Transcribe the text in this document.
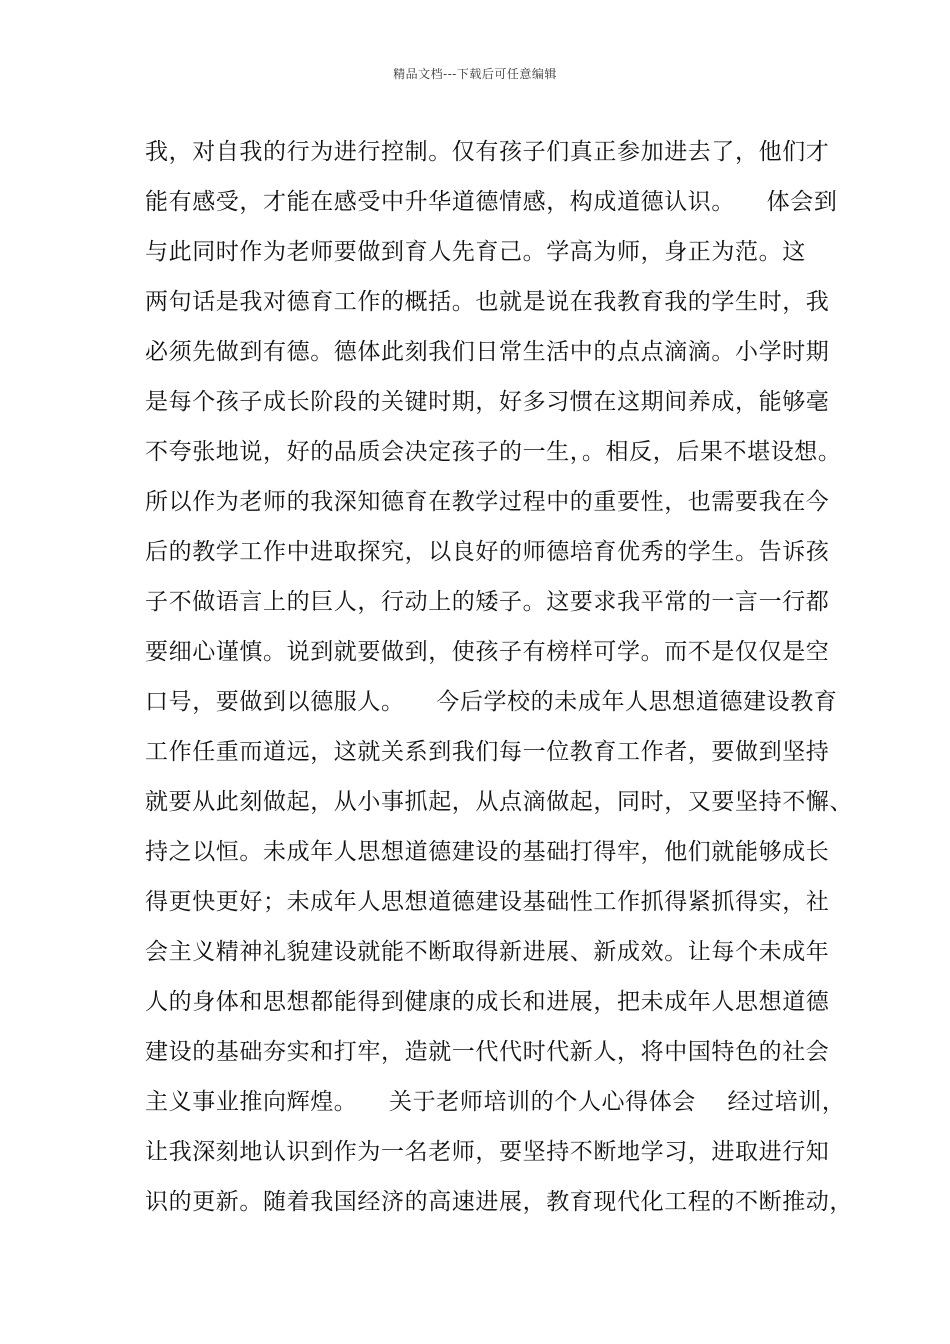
精品文档---下载后可任意编辑
我，对自我的行为进行控制。仅有孩子们真正参加进去了，他们才
能有感受，才能在感受中升华道德情感，构成道德认识。    体会到
与此同时作为老师要做到育人先育己。学高为师，身正为范。这
两句话是我对德育工作的概括。也就是说在我教育我的学生时，我
必须先做到有德。德体此刻我们日常生活中的点点滴滴。小学时期
是每个孩子成长阶段的关键时期，好多习惯在这期间养成，能够毫
不夸张地说，好的品质会决定孩子的一生，。相反，后果不堪设想。
所以作为老师的我深知德育在教学过程中的重要性，也需要我在今
后的教学工作中进取探究，以良好的师德培育优秀的学生。告诉孩
子不做语言上的巨人，行动上的矮子。这要求我平常的一言一行都
要细心谨慎。说到就要做到，使孩子有榜样可学。而不是仅仅是空
口号，要做到以德服人。    今后学校的未成年人思想道德建设教育
工作任重而道远，这就关系到我们每一位教育工作者，要做到坚持
就要从此刻做起，从小事抓起，从点滴做起，同时，又要坚持不懈、
持之以恒。未成年人思想道德建设的基础打得牢，他们就能够成长
得更快更好；未成年人思想道德建设基础性工作抓得紧抓得实，社
会主义精神礼貌建设就能不断取得新进展、新成效。让每个未成年
人的身体和思想都能得到健康的成长和进展，把未成年人思想道德
建设的基础夯实和打牢，造就一代代时代新人，将中国特色的社会
主义事业推向辉煌。    关于老师培训的个人心得体会    经过培训，
让我深刻地认识到作为一名老师，要坚持不断地学习，进取进行知
识的更新。随着我国经济的高速进展，教育现代化工程的不断推动，
